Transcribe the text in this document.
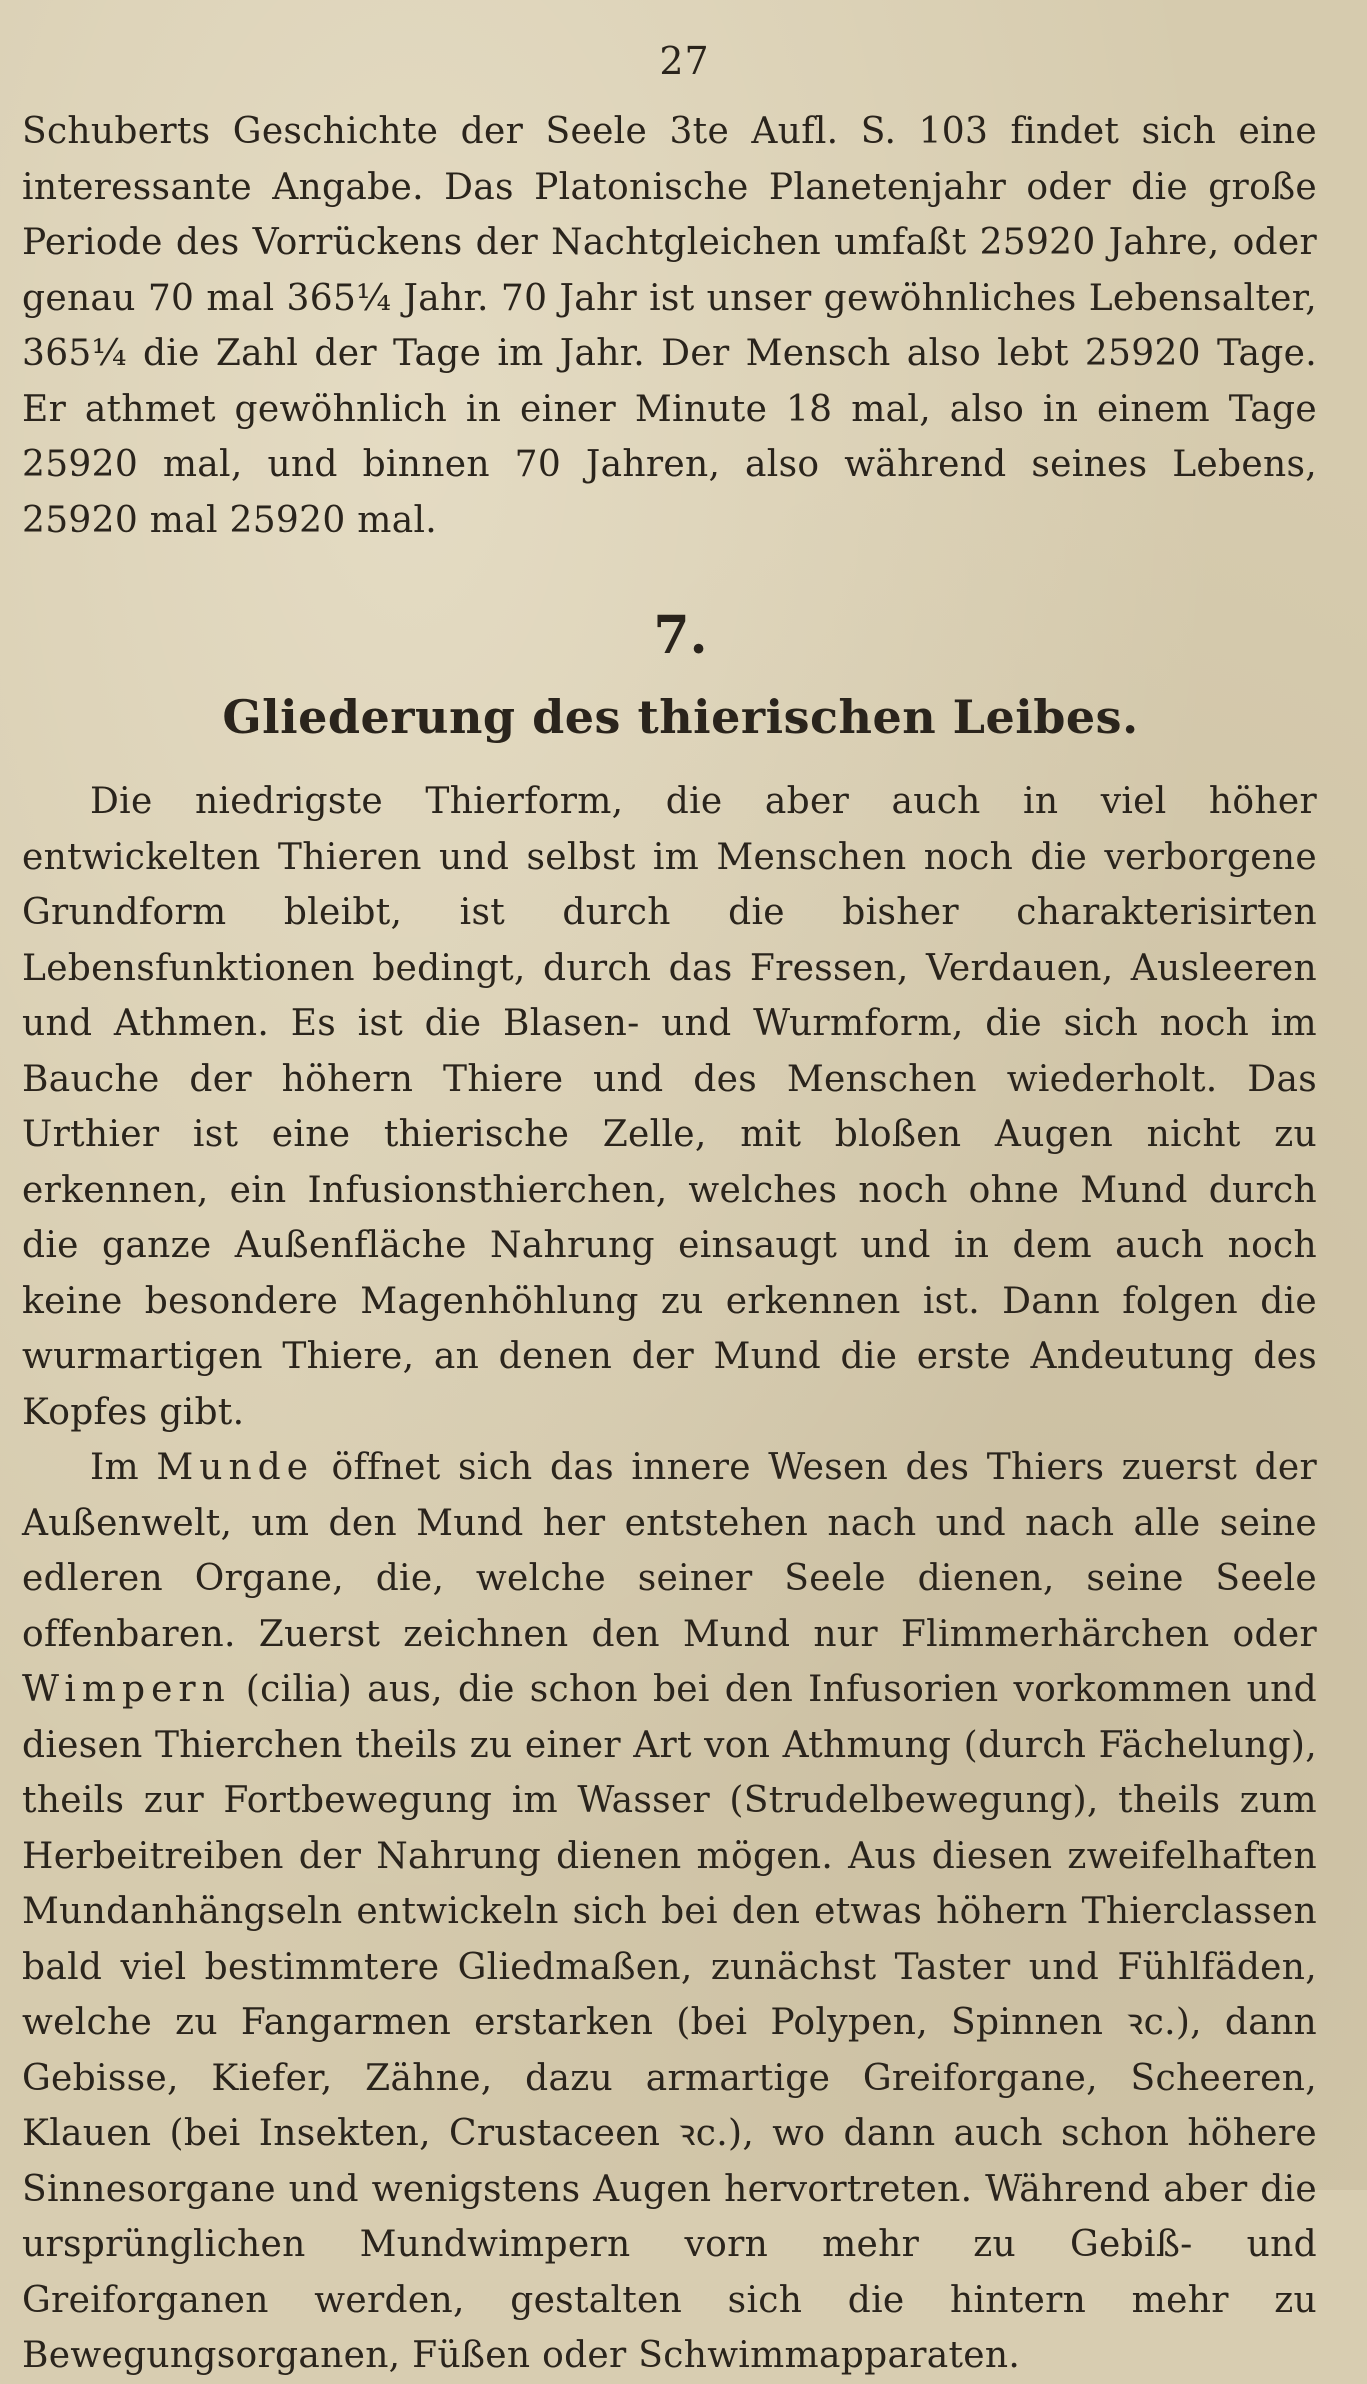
27

Schuberts Geschichte der Seele 3te Aufl. S. 103 findet sich eine interessante Angabe. Das Platonische Planetenjahr oder die große Periode des Vorrückens der Nachtgleichen umfaßt 25920 Jahre, oder genau 70 mal 365¼ Jahr. 70 Jahr ist unser gewöhnliches Lebensalter, 365¼ die Zahl der Tage im Jahr. Der Mensch also lebt 25920 Tage. Er athmet gewöhnlich in einer Minute 18 mal, also in einem Tage 25920 mal, und binnen 70 Jahren, also während seines Lebens, 25920 mal 25920 mal.

7.
Gliederung des thierischen Leibes.

Die niedrigste Thierform, die aber auch in viel höher entwickelten Thieren und selbst im Menschen noch die verborgene Grundform bleibt, ist durch die bisher charakterisirten Lebensfunktionen bedingt, durch das Fressen, Verdauen, Ausleeren und Athmen. Es ist die Blasen- und Wurmform, die sich noch im Bauche der höhern Thiere und des Menschen wiederholt. Das Urthier ist eine thierische Zelle, mit bloßen Augen nicht zu erkennen, ein Infusionsthierchen, welches noch ohne Mund durch die ganze Außenfläche Nahrung einsaugt und in dem auch noch keine besondere Magenhöhlung zu erkennen ist. Dann folgen die wurmartigen Thiere, an denen der Mund die erste Andeutung des Kopfes gibt.

Im Munde öffnet sich das innere Wesen des Thiers zuerst der Außenwelt, um den Mund her entstehen nach und nach alle seine edleren Organe, die, welche seiner Seele dienen, seine Seele offenbaren. Zuerst zeichnen den Mund nur Flimmerhärchen oder Wimpern (cilia) aus, die schon bei den Infusorien vorkommen und diesen Thierchen theils zu einer Art von Athmung (durch Fächelung), theils zur Fortbewegung im Wasser (Strudelbewegung), theils zum Herbeitreiben der Nahrung dienen mögen. Aus diesen zweifelhaften Mundanhängseln entwickeln sich bei den etwas höhern Thierclassen bald viel bestimmtere Gliedmaßen, zunächst Taster und Fühlfäden, welche zu Fangarmen erstarken (bei Polypen, Spinnen ꝛc.), dann Gebisse, Kiefer, Zähne, dazu armartige Greiforgane, Scheeren, Klauen (bei Insekten, Crustaceen ꝛc.), wo dann auch schon höhere Sinnesorgane und wenigstens Augen hervortreten. Während aber die ursprünglichen Mundwimpern vorn mehr zu Gebiß- und Greiforganen werden, gestalten sich die hintern mehr zu Bewegungsorganen, Füßen oder Schwimmapparaten.
